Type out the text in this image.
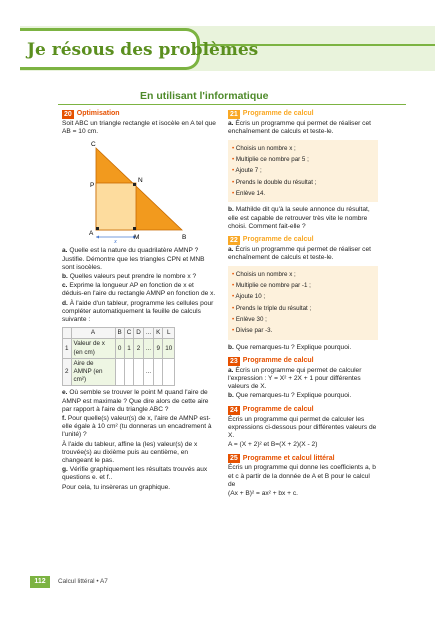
Je résous des problèmes
En utilisant l'informatique
20 Optimisation

Soit ABC un triangle rectangle et isocèle en A tel que AB = 10 cm.

C
N
P
A
M	B
x

a. Quelle est la nature du quadrilatère AMNP ? Justifie. Démontre que les triangles CPN et MNB sont isocèles.

b. Quelles valeurs peut prendre le nombre x ?

c. Exprime la longueur AP en fonction de x et déduis-en l'aire du rectangle AMNP en fonction de x.

d. À l'aide d'un tableur, programme les cellules pour compléter automatiquement la feuille de calculs suivante :

	A	B	C	D	...	K	L
1	Valeur de x (en cm)	0	1	2	...	9	10
2	Aire de AMNP (en cm²)				...		

e. Où semble se trouver le point M quand l'aire de AMNP est maximale ? Que dire alors de cette aire par rapport à l'aire du triangle ABC ?

f. Pour quelle(s) valeur(s) de x, l'aire de AMNP est-elle égale à 10 cm² (tu donneras un encadrement à l'unité) ?

À l'aide du tableur, affine la (les) valeur(s) de x trouvée(s) au dixième puis au centième, en changeant le pas.

g. Vérifie graphiquement les résultats trouvés aux questions e. et f..

Pour cela, tu insèreras un graphique.

21 Programme de calcul

a. Écris un programme qui permet de réaliser cet enchaînement de calculs et teste-le.

• Choisis un nombre x ;
• Multiplie ce nombre par 5 ;
• Ajoute 7 ;
• Prends le double du résultat ;
• Enlève 14.

b. Mathilde dit qu'à la seule annonce du résultat, elle est capable de retrouver très vite le nombre choisi. Comment fait-elle ?

22 Programme de calcul

a. Écris un programme qui permet de réaliser cet enchaînement de calculs et teste-le.

• Choisis un nombre x ;
• Multiplie ce nombre par -1 ;
• Ajoute 10 ;
• Prends le triple du résultat ;
• Enlève 30 ;
• Divise par -3.

b. Que remarques-tu ? Explique pourquoi.

23 Programme de calcul

a. Écris un programme qui permet de calculer l'expression : Y = X² + 2X + 1 pour différentes valeurs de X.

b. Que remarques-tu ? Explique pourquoi.

24 Programme de calcul

Écris un programme qui permet de calculer les expressions ci-dessous pour différentes valeurs de X.

A = (X + 2)² et B=(X + 2)(X - 2)

25 Programme et calcul littéral

Écris un programme qui donne les coefficients a, b et c à partir de la donnée de A et B pour le calcul de

(Ax + B)² = ax² + bx + c.

112	Calcul littéral • A7
